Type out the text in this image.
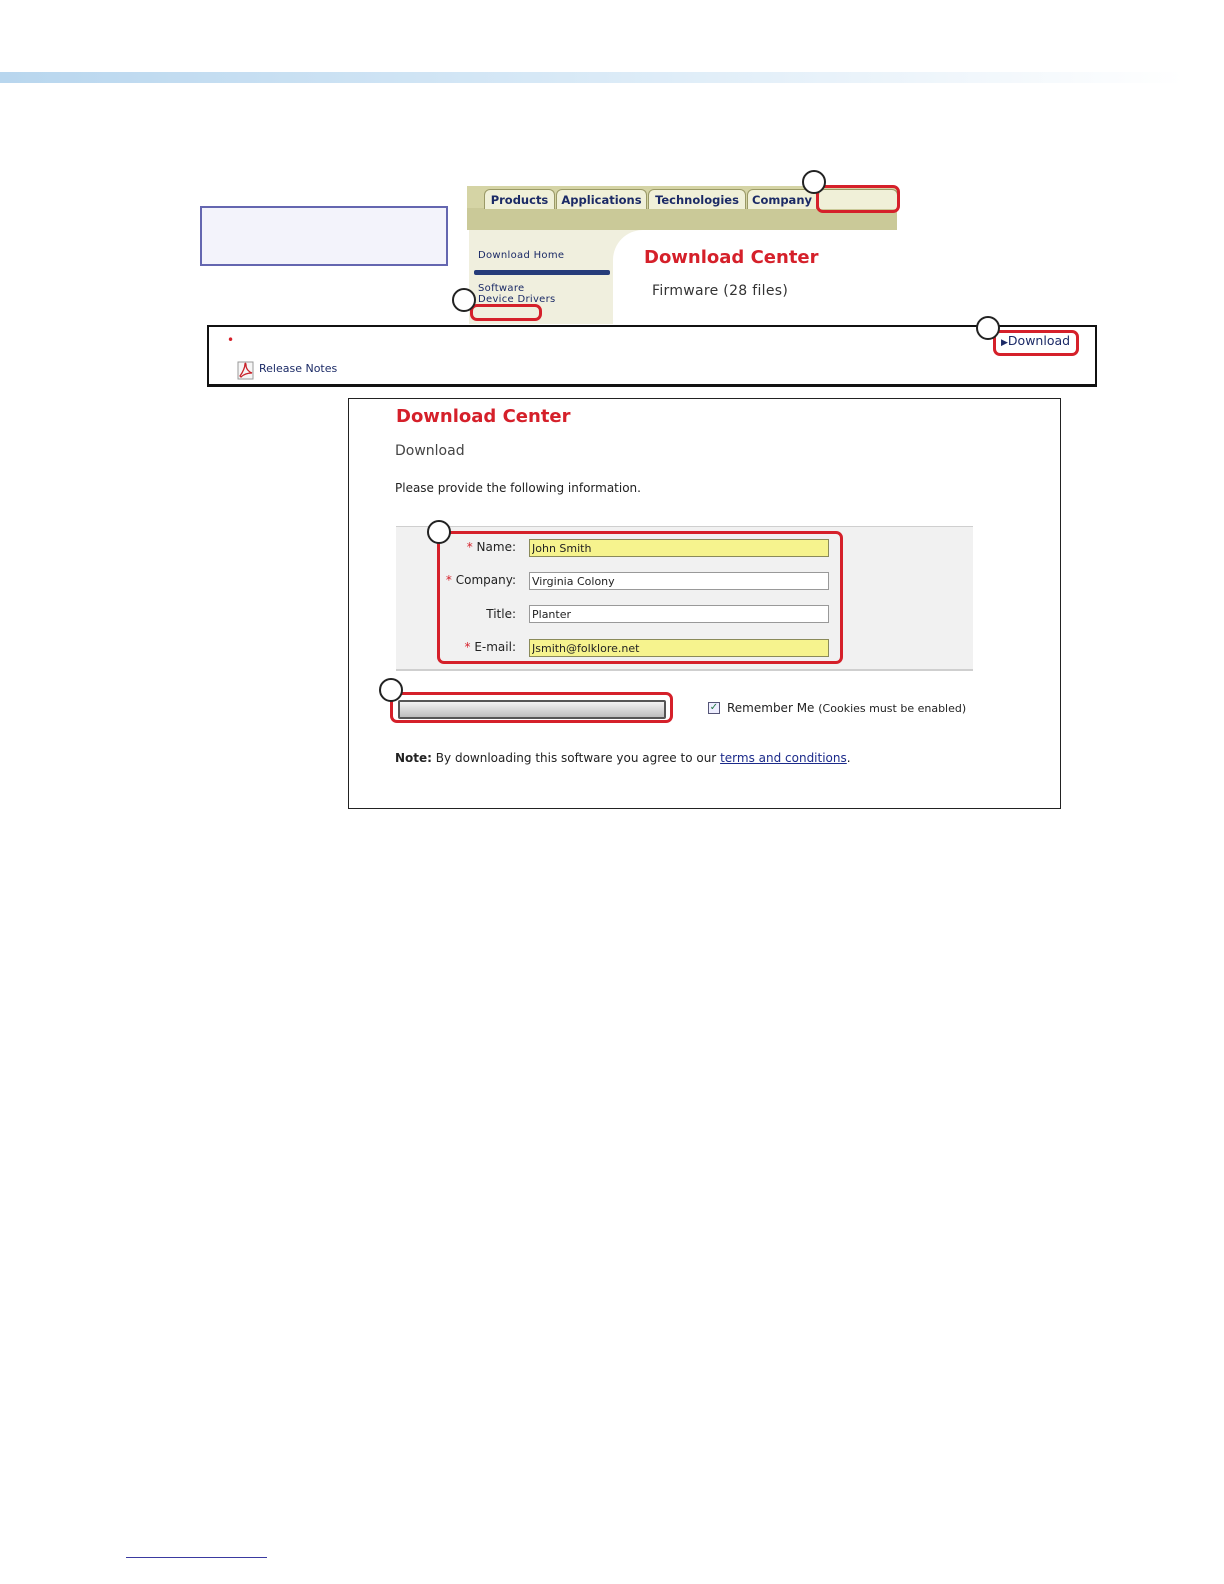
Products	Applications	Technologies	Company
Download Home
Software
Device Drivers
Download Center
Firmware (28 files)
•
Release Notes
▶Download
Download Center
Download
Please provide the following information.
* Name:
John Smith
* Company:
Virginia Colony
Title:
Planter
* E-mail:
Jsmith@folklore.net
✓ Remember Me (Cookies must be enabled)
Note: By downloading this software you agree to our terms and conditions.
